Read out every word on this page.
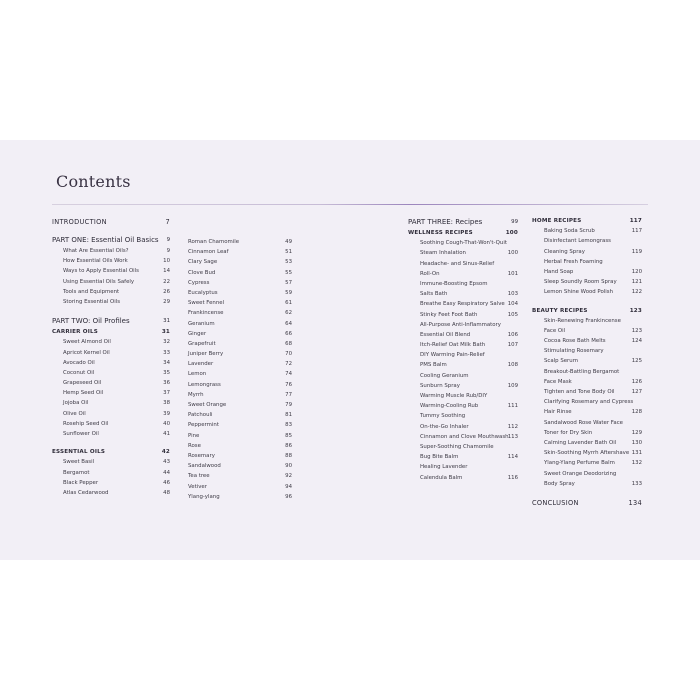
Contents
INTRODUCTION	7
PART ONE: Essential Oil Basics 9
What Are Essential Oils?	9
How Essential Oils Work	10
Ways to Apply Essential Oils	14
Using Essential Oils Safely	22
Tools and Equipment	26
Storing Essential Oils	29
PART TWO: Oil Profiles	31
CARRIER OILS	31
Sweet Almond Oil	32
Apricot Kernel Oil	33
Avocado Oil	34
Coconut Oil	35
Grapeseed Oil	36
Hemp Seed Oil	37
Jojoba Oil	38
Olive Oil	39
Rosehip Seed Oil	40
Sunflower Oil	41
ESSENTIAL OILS	42
Sweet Basil	43
Bergamot	44
Black Pepper	46
Atlas Cedarwood	48
Roman Chamomile	49
Cinnamon Leaf	51
Clary Sage	53
Clove Bud	55
Cypress	57
Eucalyptus	59
Sweet Fennel	61
Frankincense	62
Geranium	64
Ginger	66
Grapefruit	68
Juniper Berry	70
Lavender	72
Lemon	74
Lemongrass	76
Myrrh	77
Sweet Orange	79
Patchouli	81
Peppermint	83
Pine	85
Rose	86
Rosemary	88
Sandalwood	90
Tea tree	92
Vetiver	94
Ylang-ylang	96
PART THREE: Recipes	99
WELLNESS RECIPES	100
Soothing Cough-That-Won't-Quit
Steam Inhalation	100
Headache- and Sinus-Relief
Roll-On	101
Immune-Boosting Epsom
Salts Bath	103
Breathe Easy Respiratory Salve 104
Stinky Feet Foot Bath	105
All-Purpose Anti-Inflammatory
Essential Oil Blend	106
Itch-Relief Oat Milk Bath	107
DIY Warming Pain-Relief
PMS Balm	108
Cooling Geranium
Sunburn Spray	109
Warming Muscle Rub/DIY
Warming-Cooling Rub	111
Tummy Soothing
On-the-Go Inhaler	112
Cinnamon and Clove Mouthwash 113
Super-Soothing Chamomile
Bug Bite Balm	114
Healing Lavender
Calendula Balm	116
HOME RECIPES	117
Baking Soda Scrub	117
Disinfectant Lemongrass
Cleaning Spray	119
Herbal Fresh Foaming
Hand Soap	120
Sleep Soundly Room Spray	121
Lemon Shine Wood Polish	122
BEAUTY RECIPES	123
Skin-Renewing Frankincense
Face Oil	123
Cocoa Rose Bath Melts	124
Stimulating Rosemary
Scalp Serum	125
Breakout-Battling Bergamot
Face Mask	126
Tighten and Tone Body Oil	127
Clarifying Rosemary and Cypress
Hair Rinse	128
Sandalwood Rose Water Face
Toner for Dry Skin	129
Calming Lavender Bath Oil	130
Skin-Soothing Myrrh Aftershave 131
Ylang-Ylang Perfume Balm	132
Sweet Orange Deodorizing
Body Spray	133
CONCLUSION	134
